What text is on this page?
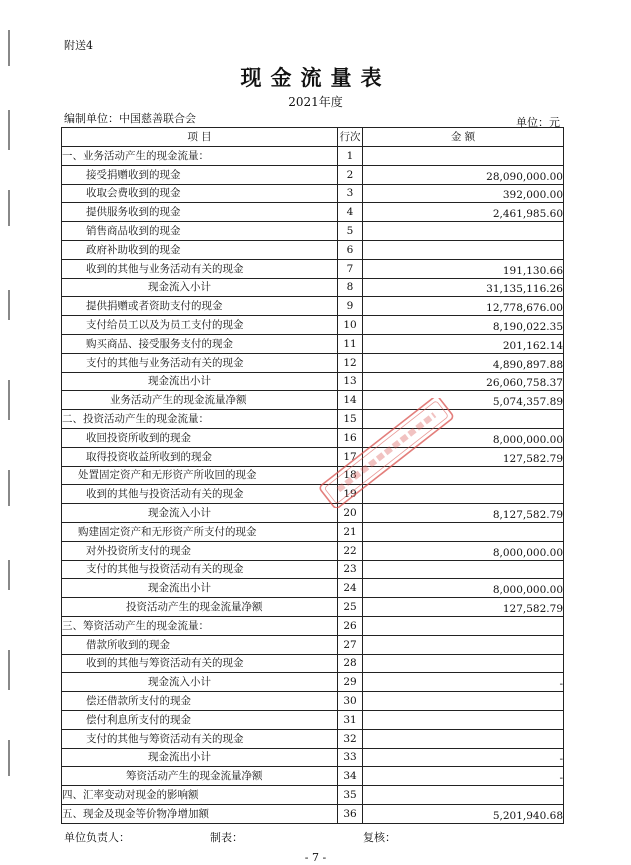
附送4
现金流量表
2021年度
编制单位：中国慈善联合会	单位：元
项 目	行次	金 额
一、业务活动产生的现金流量：	1	
接受捐赠收到的现金	2	28,090,000.00
收取会费收到的现金	3	392,000.00
提供服务收到的现金	4	2,461,985.60
销售商品收到的现金	5	
政府补助收到的现金	6	
收到的其他与业务活动有关的现金	7	191,130.66
现金流入小计	8	31,135,116.26
提供捐赠或者资助支付的现金	9	12,778,676.00
支付给员工以及为员工支付的现金	10	8,190,022.35
购买商品、接受服务支付的现金	11	201,162.14
支付的其他与业务活动有关的现金	12	4,890,897.88
现金流出小计	13	26,060,758.37
业务活动产生的现金流量净额	14	5,074,357.89
二、投资活动产生的现金流量：	15	
收回投资所收到的现金	16	8,000,000.00
取得投资收益所收到的现金	17	127,582.79
处置固定资产和无形资产所收回的现金	18	
收到的其他与投资活动有关的现金	19	
现金流入小计	20	8,127,582.79
购建固定资产和无形资产所支付的现金	21	
对外投资所支付的现金	22	8,000,000.00
支付的其他与投资活动有关的现金	23	
现金流出小计	24	8,000,000.00
投资活动产生的现金流量净额	25	127,582.79
三、筹资活动产生的现金流量：	26	
借款所收到的现金	27	
收到的其他与筹资活动有关的现金	28	
现金流入小计	29	-
偿还借款所支付的现金	30	
偿付利息所支付的现金	31	
支付的其他与筹资活动有关的现金	32	
现金流出小计	33	-
筹资活动产生的现金流量净额	34	-
四、汇率变动对现金的影响额	35	
五、现金及现金等价物净增加额	36	5,201,940.68
单位负责人：	制表：	复核：
- 7 -
